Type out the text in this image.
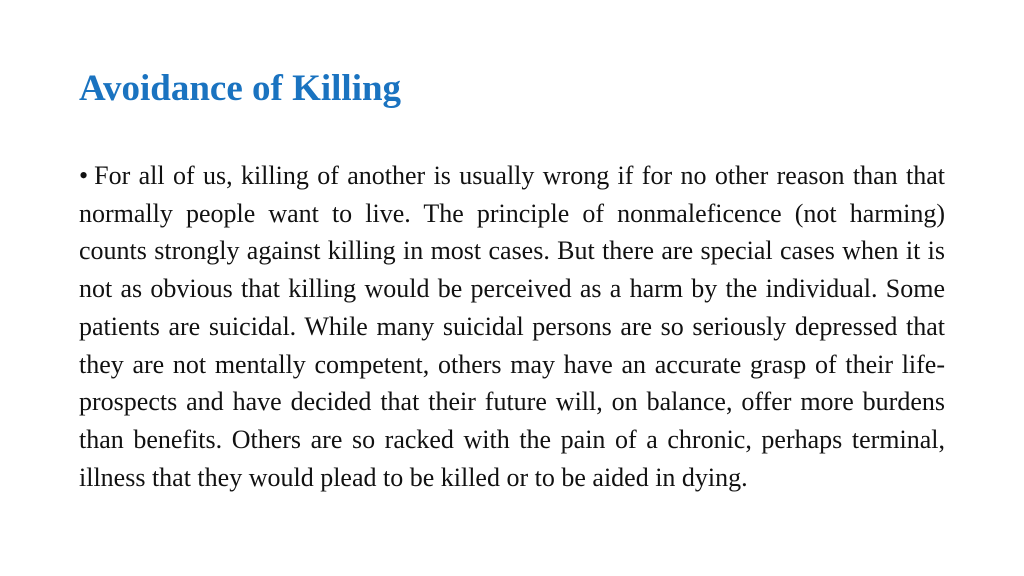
Avoidance of Killing

• For all of us, killing of another is usually wrong if for no other reason than that normally people want to live. The principle of nonmaleficence (not harming) counts strongly against killing in most cases. But there are special cases when it is not as obvious that killing would be perceived as a harm by the individual. Some patients are suicidal. While many suicidal persons are so seriously depressed that they are not mentally competent, others may have an accurate grasp of their life-prospects and have decided that their future will, on balance, offer more burdens than benefits. Others are so racked with the pain of a chronic, perhaps terminal, illness that they would plead to be killed or to be aided in dying.
